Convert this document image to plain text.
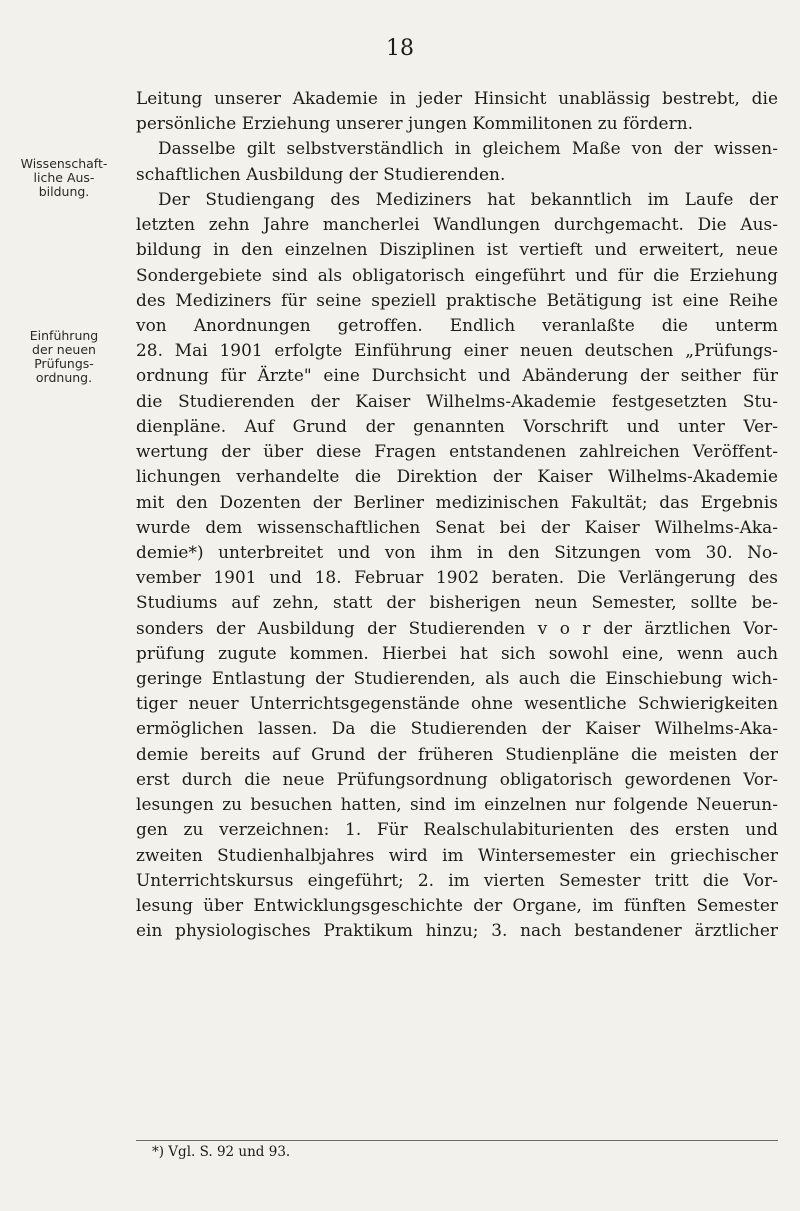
18
Wissenschaft-
liche Aus-
bildung.
Einführung
der neuen
Prüfungs-
ordnung.
Leitung unserer Akademie in jeder Hinsicht unablässig bestrebt, die
persönliche Erziehung unserer jungen Kommilitonen zu fördern.
Dasselbe gilt selbstverständlich in gleichem Maße von der wissen-
schaftlichen Ausbildung der Studierenden.
Der Studiengang des Mediziners hat bekanntlich im Laufe der
letzten zehn Jahre mancherlei Wandlungen durchgemacht. Die Aus-
bildung in den einzelnen Disziplinen ist vertieft und erweitert, neue
Sondergebiete sind als obligatorisch eingeführt und für die Erziehung
des Mediziners für seine speziell praktische Betätigung ist eine Reihe
von Anordnungen getroffen. Endlich veranlaßte die unterm
28. Mai 1901 erfolgte Einführung einer neuen deutschen „Prüfungs-
ordnung für Ärzte" eine Durchsicht und Abänderung der seither für
die Studierenden der Kaiser Wilhelms-Akademie festgesetzten Stu-
dienpläne. Auf Grund der genannten Vorschrift und unter Ver-
wertung der über diese Fragen entstandenen zahlreichen Veröffent-
lichungen verhandelte die Direktion der Kaiser Wilhelms-Akademie
mit den Dozenten der Berliner medizinischen Fakultät; das Ergebnis
wurde dem wissenschaftlichen Senat bei der Kaiser Wilhelms-Aka-
demie*) unterbreitet und von ihm in den Sitzungen vom 30. No-
vember 1901 und 18. Februar 1902 beraten. Die Verlängerung des
Studiums auf zehn, statt der bisherigen neun Semester, sollte be-
sonders der Ausbildung der Studierenden v o r der ärztlichen Vor-
prüfung zugute kommen. Hierbei hat sich sowohl eine, wenn auch
geringe Entlastung der Studierenden, als auch die Einschiebung wich-
tiger neuer Unterrichtsgegenstände ohne wesentliche Schwierigkeiten
ermöglichen lassen. Da die Studierenden der Kaiser Wilhelms-Aka-
demie bereits auf Grund der früheren Studienpläne die meisten der
erst durch die neue Prüfungsordnung obligatorisch gewordenen Vor-
lesungen zu besuchen hatten, sind im einzelnen nur folgende Neuerun-
gen zu verzeichnen: 1. Für Realschulabiturienten des ersten und
zweiten Studienhalbjahres wird im Wintersemester ein griechischer
Unterrichtskursus eingeführt; 2. im vierten Semester tritt die Vor-
lesung über Entwicklungsgeschichte der Organe, im fünften Semester
ein physiologisches Praktikum hinzu; 3. nach bestandener ärztlicher
*) Vgl. S. 92 und 93.
